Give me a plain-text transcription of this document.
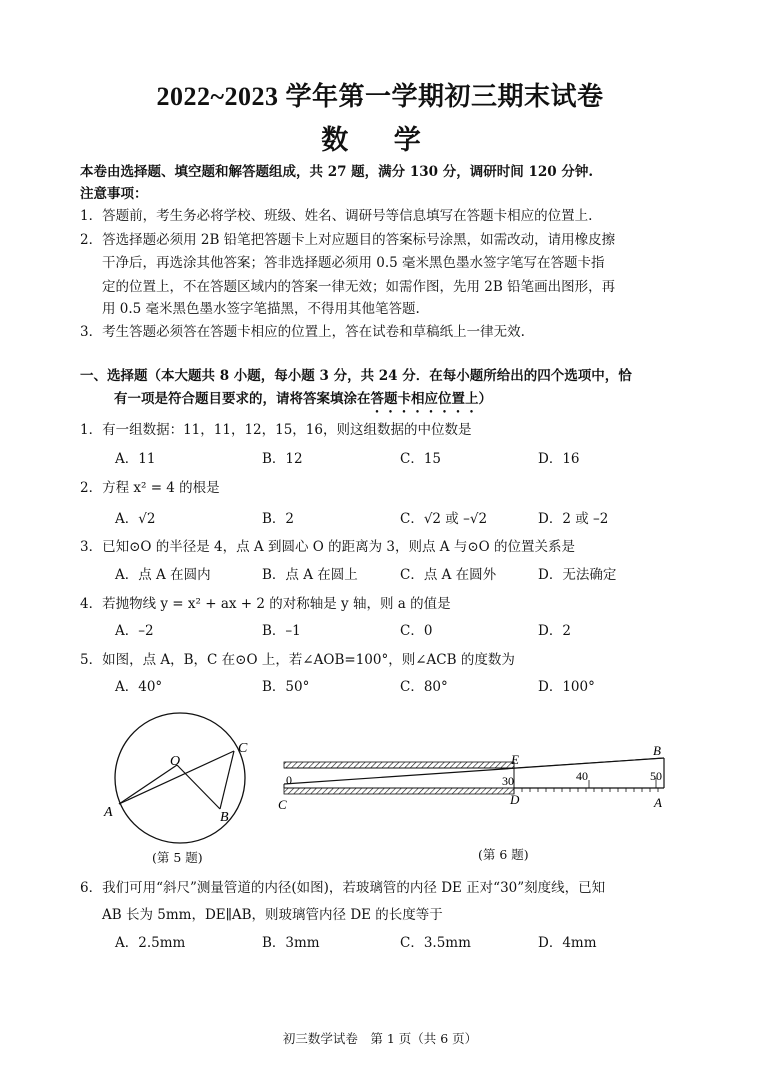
2022~2023 学年第一学期初三期末试卷
数 学
本卷由选择题、填空题和解答题组成，共 27 题，满分 130 分，调研时间 120 分钟.
注意事项：
1．答题前，考生务必将学校、班级、姓名、调研号等信息填写在答题卡相应的位置上.
2．答选择题必须用 2B 铅笔把答题卡上对应题目的答案标号涂黑，如需改动，请用橡皮擦
干净后，再选涂其他答案；答非选择题必须用 0.5 毫米黑色墨水签字笔写在答题卡指
定的位置上，不在答题区域内的答案一律无效；如需作图，先用 2B 铅笔画出图形，再
用 0.5 毫米黑色墨水签字笔描黑，不得用其他笔答题.
3．考生答题必须答在答题卡相应的位置上，答在试卷和草稿纸上一律无效.
一、选择题（本大题共 8 小题，每小题 3 分，共 24 分．在每小题所给出的四个选项中，恰
有一项是符合题目要求的，请将答案填涂在答题卡相应位置上）
1．有一组数据：11，11，12，15，16，则这组数据的中位数是
A．11	B．12	C．15	D．16
2．方程 x² = 4 的根是
A．√2	B．2	C．√2 或 –√2	D．2 或 –2
3．已知⊙O 的半径是 4，点 A 到圆心 O 的距离为 3，则点 A 与⊙O 的位置关系是
A．点 A 在圆内	B．点 A 在圆上	C．点 A 在圆外	D．无法确定
4．若抛物线 y = x² + ax + 2 的对称轴是 y 轴，则 a 的值是
A．–2	B．–1	C．0	D．2
5．如图，点 A，B，C 在⊙O 上，若∠AOB=100°，则∠ACB 的度数为
A．40°	B．50°	C．80°	D．100°
O
C
A	B
(第 5 题)
0	30	40	50
E
B
C	D	A
(第 6 题)
6．我们可用“斜尺”测量管道的内径(如图)，若玻璃管的内径 DE 正对“30”刻度线，已知
AB 长为 5mm，DE∥AB，则玻璃管内径 DE 的长度等于
A．2.5mm	B．3mm	C．3.5mm	D．4mm
初三数学试卷　第 1 页（共 6 页）
